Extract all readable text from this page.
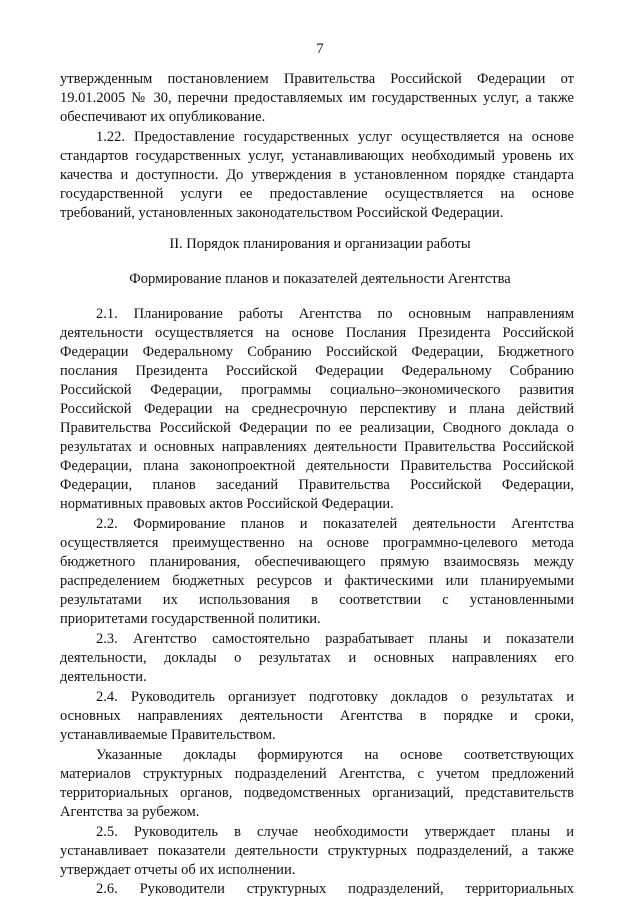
7
утвержденным постановлением Правительства Российской Федерации от
19.01.2005 № 30, перечни предоставляемых им государственных услуг, а также
обеспечивают их опубликование.
1.22. Предоставление государственных услуг осуществляется на основе
стандартов государственных услуг, устанавливающих необходимый уровень их
качества и доступности. До утверждения в установленном порядке стандарта
государственной услуги ее предоставление осуществляется на основе
требований, установленных законодательством Российской Федерации.
II. Порядок планирования и организации работы
Формирование планов и показателей деятельности Агентства
2.1. Планирование работы Агентства по основным направлениям
деятельности осуществляется на основе Послания Президента Российской
Федерации Федеральному Собранию Российской Федерации, Бюджетного
послания Президента Российской Федерации Федеральному Собранию
Российской Федерации, программы социально–экономического развития
Российской Федерации на среднесрочную перспективу и плана действий
Правительства Российской Федерации по ее реализации, Сводного доклада о
результатах и основных направлениях деятельности Правительства Российской
Федерации, плана законопроектной деятельности Правительства Российской
Федерации, планов заседаний Правительства Российской Федерации,
нормативных правовых актов Российской Федерации.
2.2. Формирование планов и показателей деятельности Агентства
осуществляется преимущественно на основе программно-целевого метода
бюджетного планирования, обеспечивающего прямую взаимосвязь между
распределением бюджетных ресурсов и фактическими или планируемыми
результатами их использования в соответствии с установленными
приоритетами государственной политики.
2.3. Агентство самостоятельно разрабатывает планы и показатели
деятельности, доклады о результатах и основных направлениях его
деятельности.
2.4. Руководитель организует подготовку докладов о результатах и
основных направлениях деятельности Агентства в порядке и сроки,
устанавливаемые Правительством.
Указанные доклады формируются на основе соответствующих
материалов структурных подразделений Агентства, с учетом предложений
территориальных органов, подведомственных организаций, представительств
Агентства за рубежом.
2.5. Руководитель в случае необходимости утверждает планы и
устанавливает показатели деятельности структурных подразделений, а также
утверждает отчеты об их исполнении.
2.6. Руководители структурных подразделений, территориальных
